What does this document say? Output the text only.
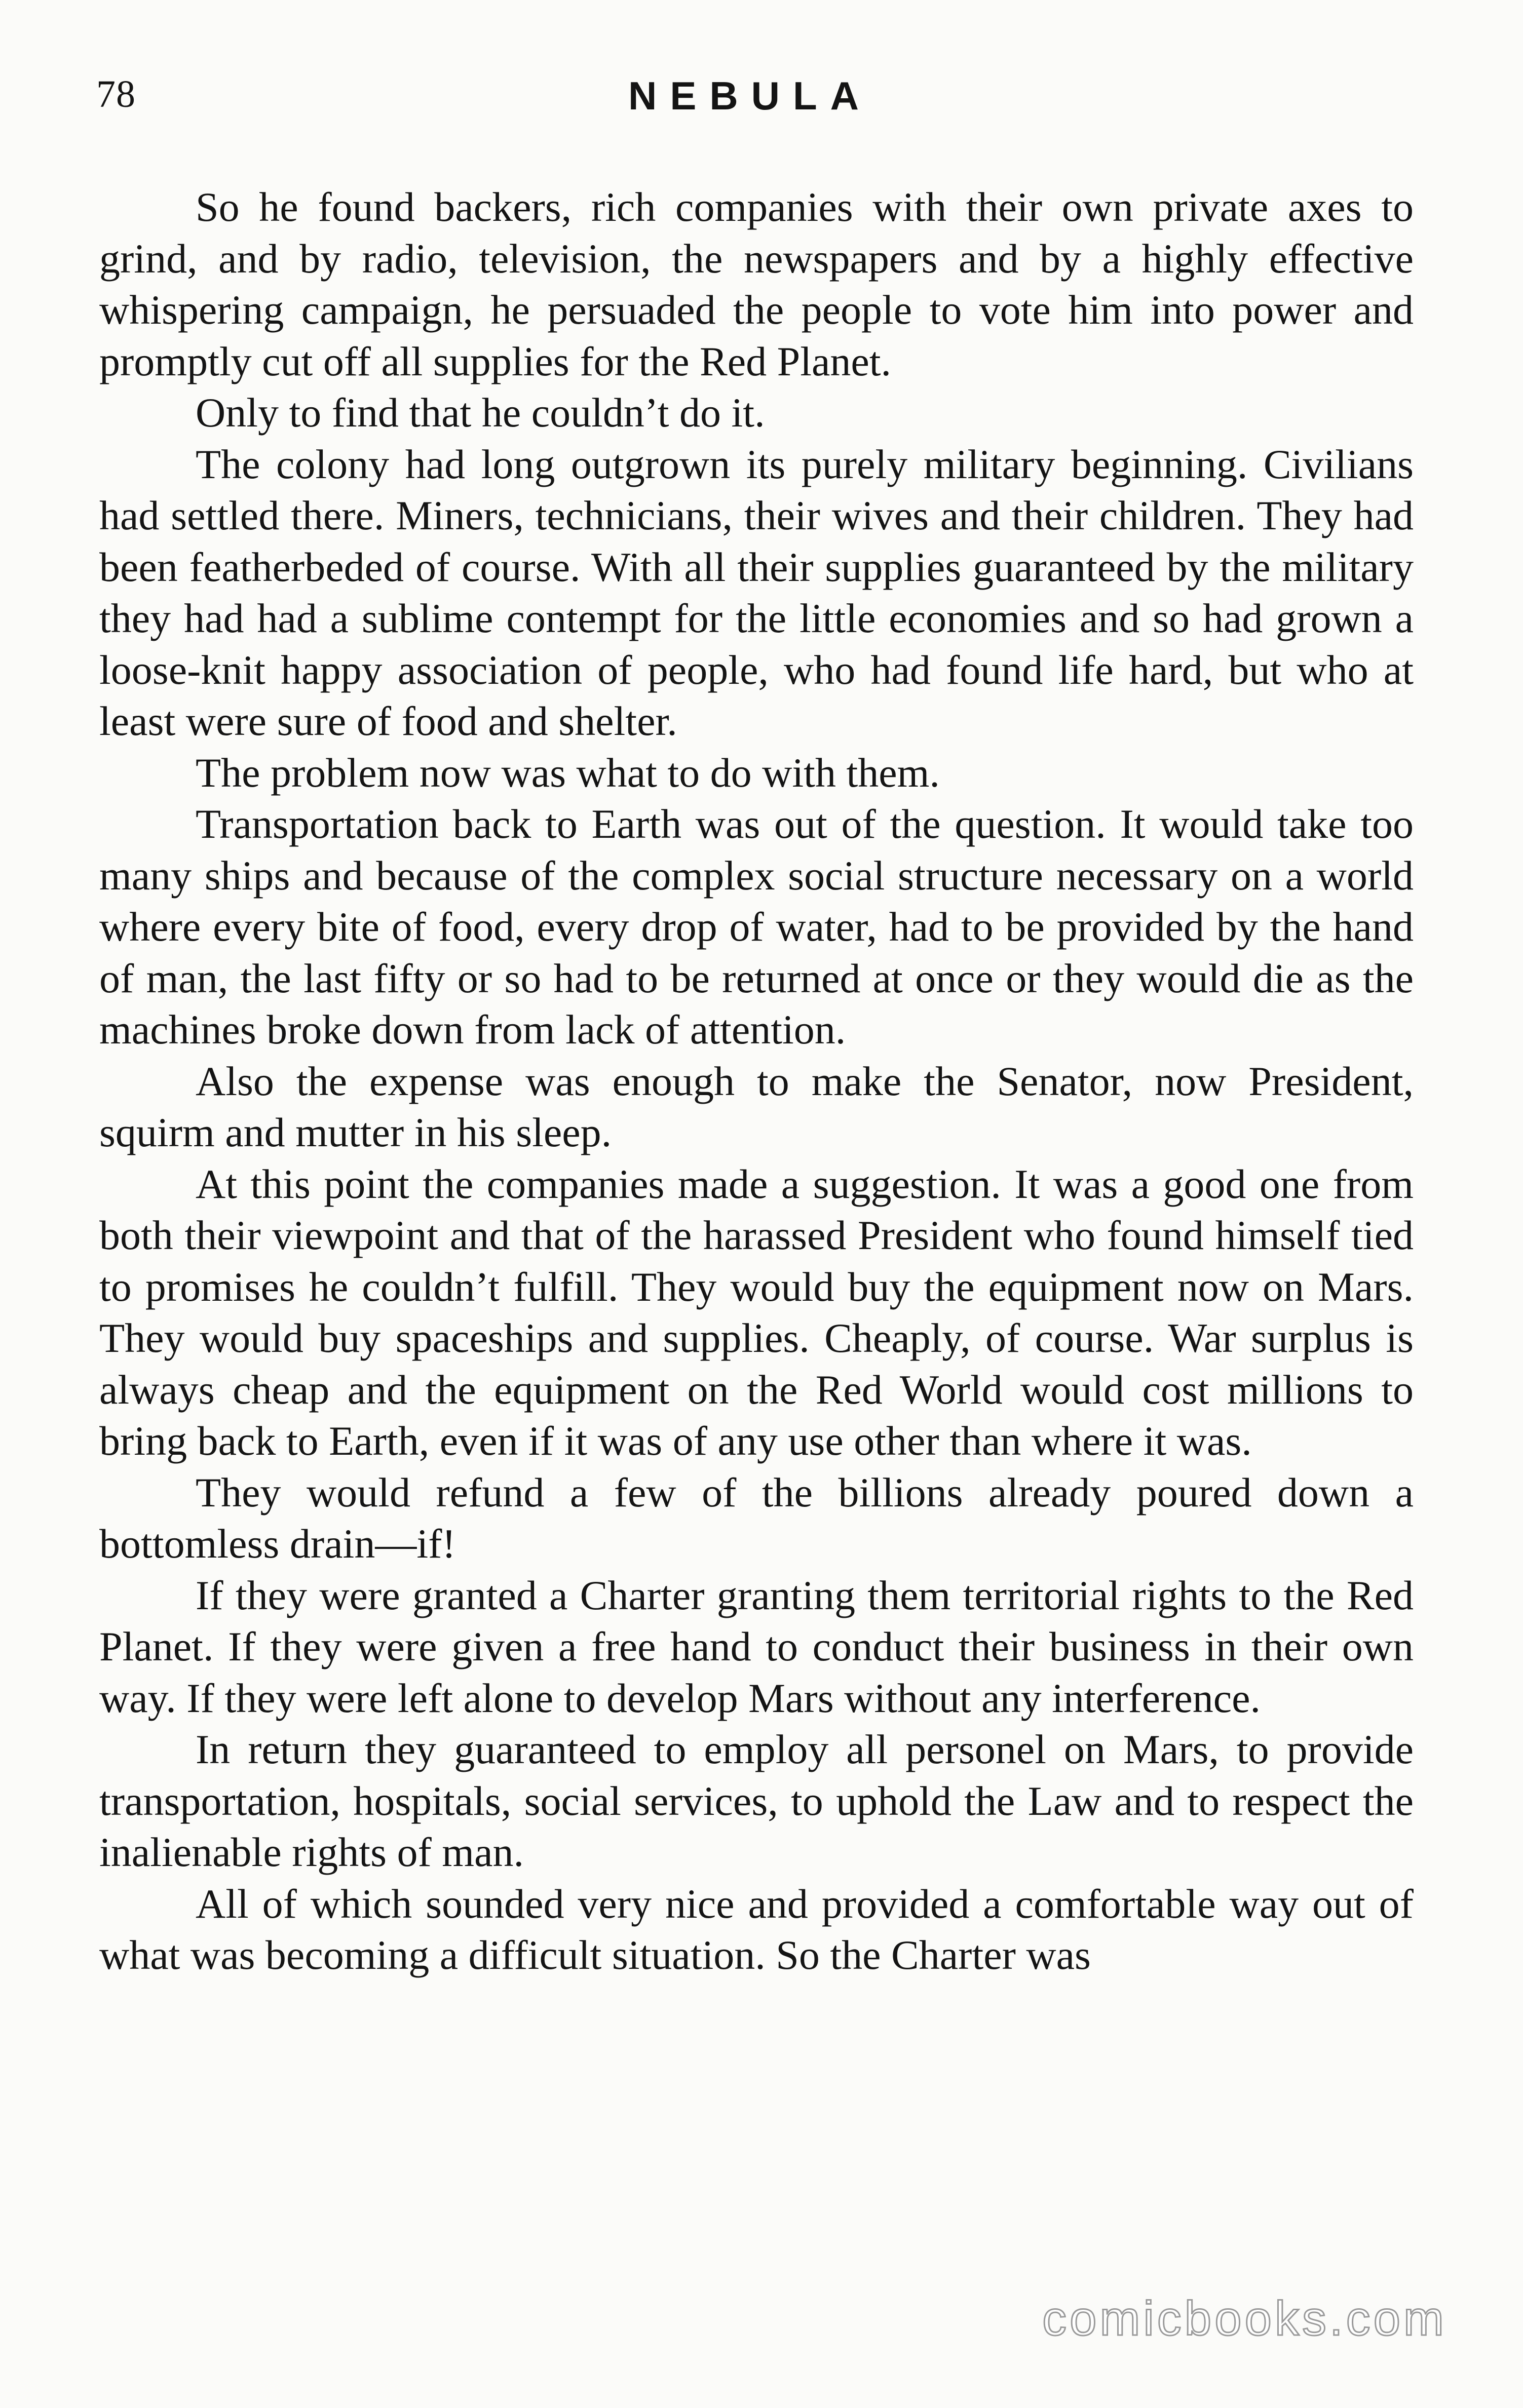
78	NEBULA

So he found backers, rich companies with their own private axes to grind, and by radio, television, the newspapers and by a highly effective whispering campaign, he persuaded the people to vote him into power and promptly cut off all supplies for the Red Planet.

Only to find that he couldn’t do it.

The colony had long outgrown its purely military beginning. Civilians had settled there. Miners, technicians, their wives and their children. They had been featherbeded of course. With all their supplies guaranteed by the military they had had a sublime contempt for the little economies and so had grown a loose-knit happy association of people, who had found life hard, but who at least were sure of food and shelter.

The problem now was what to do with them.

Transportation back to Earth was out of the question. It would take too many ships and because of the complex social structure necessary on a world where every bite of food, every drop of water, had to be provided by the hand of man, the last fifty or so had to be returned at once or they would die as the machines broke down from lack of attention.

Also the expense was enough to make the Senator, now President, squirm and mutter in his sleep.

At this point the companies made a suggestion. It was a good one from both their viewpoint and that of the harassed President who found himself tied to promises he couldn’t fulfill. They would buy the equipment now on Mars. They would buy spaceships and supplies. Cheaply, of course. War surplus is always cheap and the equipment on the Red World would cost millions to bring back to Earth, even if it was of any use other than where it was.

They would refund a few of the billions already poured down a bottomless drain—if!

If they were granted a Charter granting them territorial rights to the Red Planet. If they were given a free hand to conduct their business in their own way. If they were left alone to develop Mars without any interference.

In return they guaranteed to employ all personel on Mars, to provide transportation, hospitals, social services, to uphold the Law and to respect the inalienable rights of man.

All of which sounded very nice and provided a comfortable way out of what was becoming a difficult situation. So the Charter was

comicbooks.com
